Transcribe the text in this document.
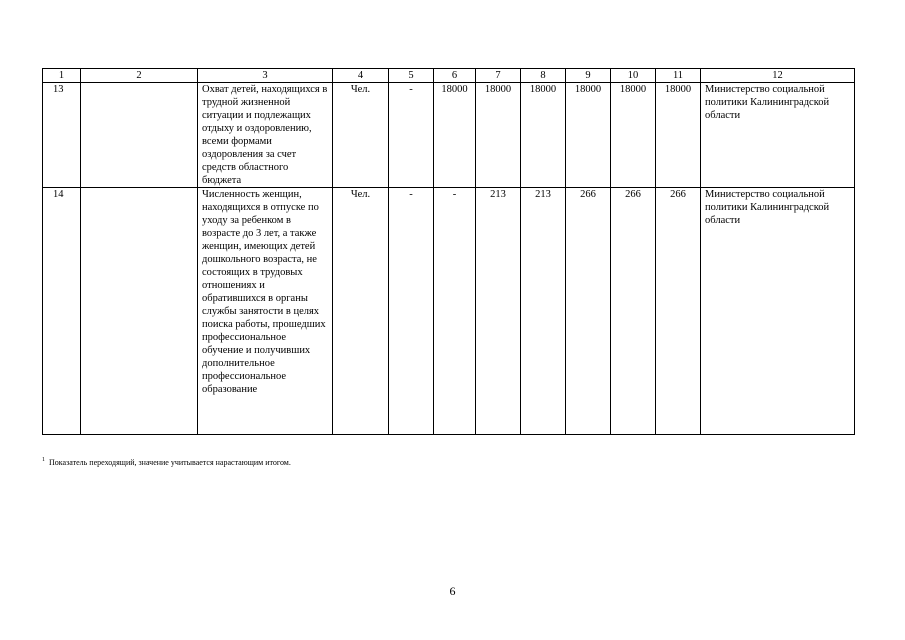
1	2	3	4	5	6	7	8	9	10	11	12
13		Охват детей, находящихся в трудной жизненной ситуации и подлежащих отдыху и оздоровлению, всеми формами оздоровления за счет средств областного бюджета	Чел.	-	18000	18000	18000	18000	18000	18000	Министерство социальной политики Калининградской области
14		Численность женщин, находящихся в отпуске по уходу за ребенком в возрасте до 3 лет, а также женщин, имеющих детей дошкольного возраста, не состоящих в трудовых отношениях и обратившихся в органы службы занятости в целях поиска работы, прошедших профессиональное обучение и получивших дополнительное профессиональное образование	Чел.	-	-	213	213	266	266	266	Министерство социальной политики Калининградской области
$^1$ Показатель переходящий, значение учитывается нарастающим итогом.
6
